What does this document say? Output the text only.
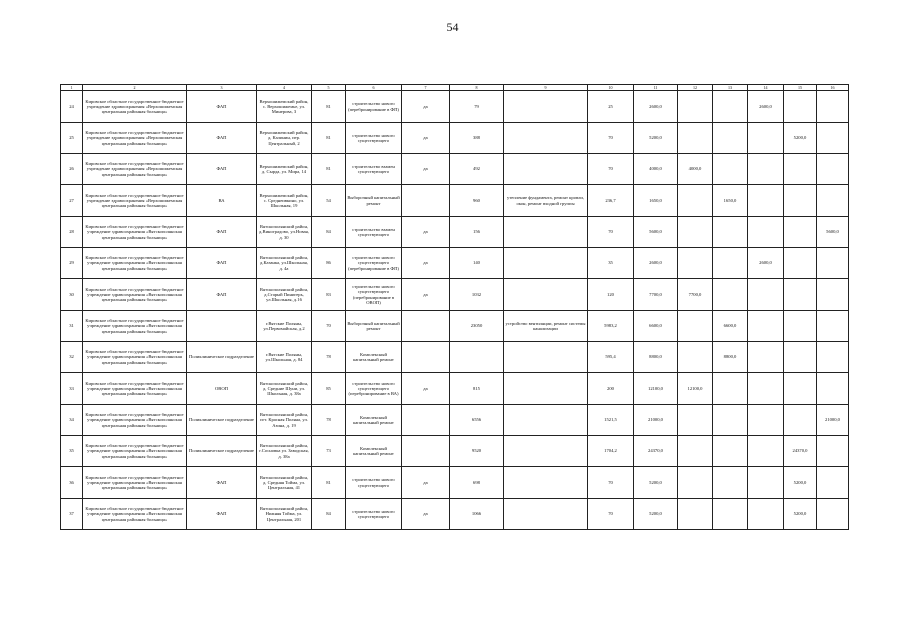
54
1	2	3	4	5	6	7	8	9	10	11	12	13	14	15	16
24	Кировское областное государственное бюджетное учреждение здравоохранения «Верхошижемская центральная районная больница»	ФАП	Верхошижемский район, с. Верхошижемье, ул. Минерова, 3	81	строительство нового (перебронирование в ФП)	да	79		25	2600,0			2600,0		
25	Кировское областное государственное бюджетное учреждение здравоохранения «Верхошижемская центральная районная больница»	ФАП	Верхошижемский район, д. Калинин, пер. Центральный, 2	81	строительство нового существующего	да	388		70	5200,0				5200,0	
26	Кировское областное государственное бюджетное учреждение здравоохранения «Верхошижемская центральная районная больница»	ФАП	Верхошижемский район, д. Сырда, ул. Мира, 14	81	строительство взамен существующего	да	492		70	4000,0	4000,0				
27	Кировское областное государственное бюджетное учреждение здравоохранения «Верхошижемская центральная районная больница»	ВА	Верхошижемский район, с. Среднеивкино, ул. Школьная, 19	54	Выборочный капитальный ремонт		960	утепление фундамента, ремонт кровли, окон, ремонт входной группы	236,7	1650,0		1650,0			
28	Кировское областное государственное бюджетное учреждение здравоохранения «Вятскополянская центральная районная больница»	ФАП	Вятскополянский район, д.Виноградово, ул.Новая, д. 30	84	строительство взамен существующего	да	156		70	5600,0					5600,0
29	Кировское областное государственное бюджетное учреждение здравоохранения «Вятскополянская центральная районная больница»	ФАП	Вятскополянский район, д.Казанка, ул.Школьная, д. 4а	86	строительство нового существующего (перебронирование в ФП)	да	140		35	2600,0			2600,0		
30	Кировское областное государственное бюджетное учреждение здравоохранения «Вятскополянская центральная районная больница»	ФАП	Вятскополянский район, д.Старый Пинигерь, ул.Школьная, д.16	83	строительство нового существующего (перебронирование в ОВОП)	да	1032		120	7700,0	7700,0				
31	Кировское областное государственное бюджетное учреждение здравоохранения «Вятскополянская центральная районная больница»		г.Вятские Поляны, ул.Первомайская, д.2	70	Выборочный капитальный ремонт		23050	устройство вентиляции, ремонт системы канализации	5983,2	6600,0		6600,0			
32	Кировское областное государственное бюджетное учреждение здравоохранения «Вятскополянская центральная районная больница»	Поликлиническое подразделение	г.Вятские Поляны, ул.Школьная, д. 84	78	Комплексный капитальный ремонт				595,4	8800,0		8800,0			
33	Кировское областное государственное бюджетное учреждение здравоохранения «Вятскополянская центральная районная больница»	ОВОП	Вятскополянский район, д. Средние Шуни, ул. Школьная, д. 38а	85	строительство нового существующего (перебронирование в ВА)	да	815		200	12100,0	12100,0				
34	Кировское областное государственное бюджетное учреждение здравоохранения «Вятскополянская центральная районная больница»	Поликлиническое подразделение	Вятскополянский район, пгт. Красная Поляна, ул. Азина, д. 19	78	Комплексный капитальный ремонт		6556		1521,5	21000,0					21000,0
35	Кировское областное государственное бюджетное учреждение здравоохранения «Вятскополянская центральная районная больница»	Поликлиническое подразделение	Вятскополянский район, г.Сосновка ул. Заводская, д. 38а	73	Комплексный капитальный ремонт		9520		1704,2	24370,0				24370,0	
36	Кировское областное государственное бюджетное учреждение здравоохранения «Вятскополянская центральная районная больница»	ФАП	Вятскополянский район, д. Средняя Тойма, ул. Центральная, 41	81	строительство нового существующего	да	698		70	5200,0				5200,0	
37	Кировское областное государственное бюджетное учреждение здравоохранения «Вятскополянская центральная районная больница»	ФАП	Вятскополянский район, Нижняя Тойма, ул. Центральная, 201	84	строительство нового существующего	да	1066		70	5200,0				5200,0	
